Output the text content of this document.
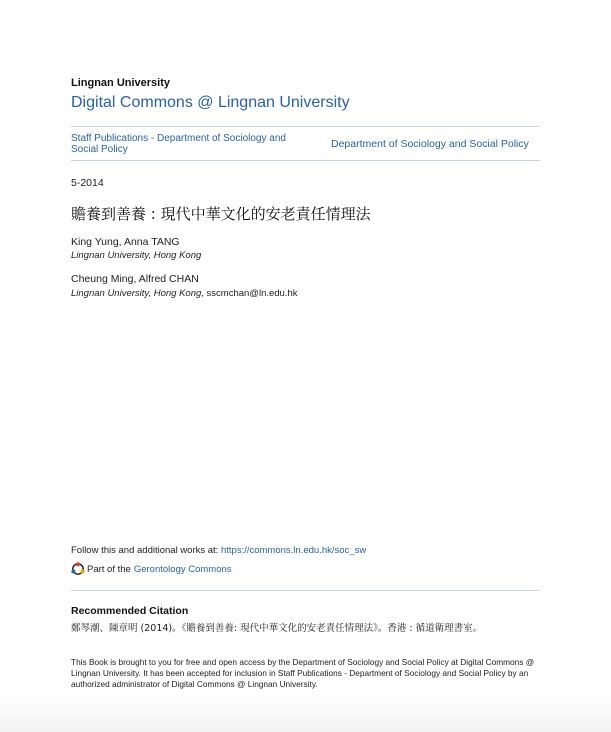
Lingnan University
Digital Commons @ Lingnan University
Staff Publications - Department of Sociology and Social Policy	Department of Sociology and Social Policy
5-2014
贍養到善養 : 現代中華文化的安老責任情理法
King Yung, Anna TANG
Lingnan University, Hong Kong
Cheung Ming, Alfred CHAN
Lingnan University, Hong Kong, sscmchan@ln.edu.hk
Follow this and additional works at: https://commons.ln.edu.hk/soc_sw
Part of the Gerontology Commons
Recommended Citation
鄭琴潮、陳章明 (2014)。《贍養到善養: 現代中華文化的安老責任情理法》。香港 : 循道衛理書室。
This Book is brought to you for free and open access by the Department of Sociology and Social Policy at Digital Commons @ Lingnan University. It has been accepted for inclusion in Staff Publications - Department of Sociology and Social Policy by an authorized administrator of Digital Commons @ Lingnan University.
